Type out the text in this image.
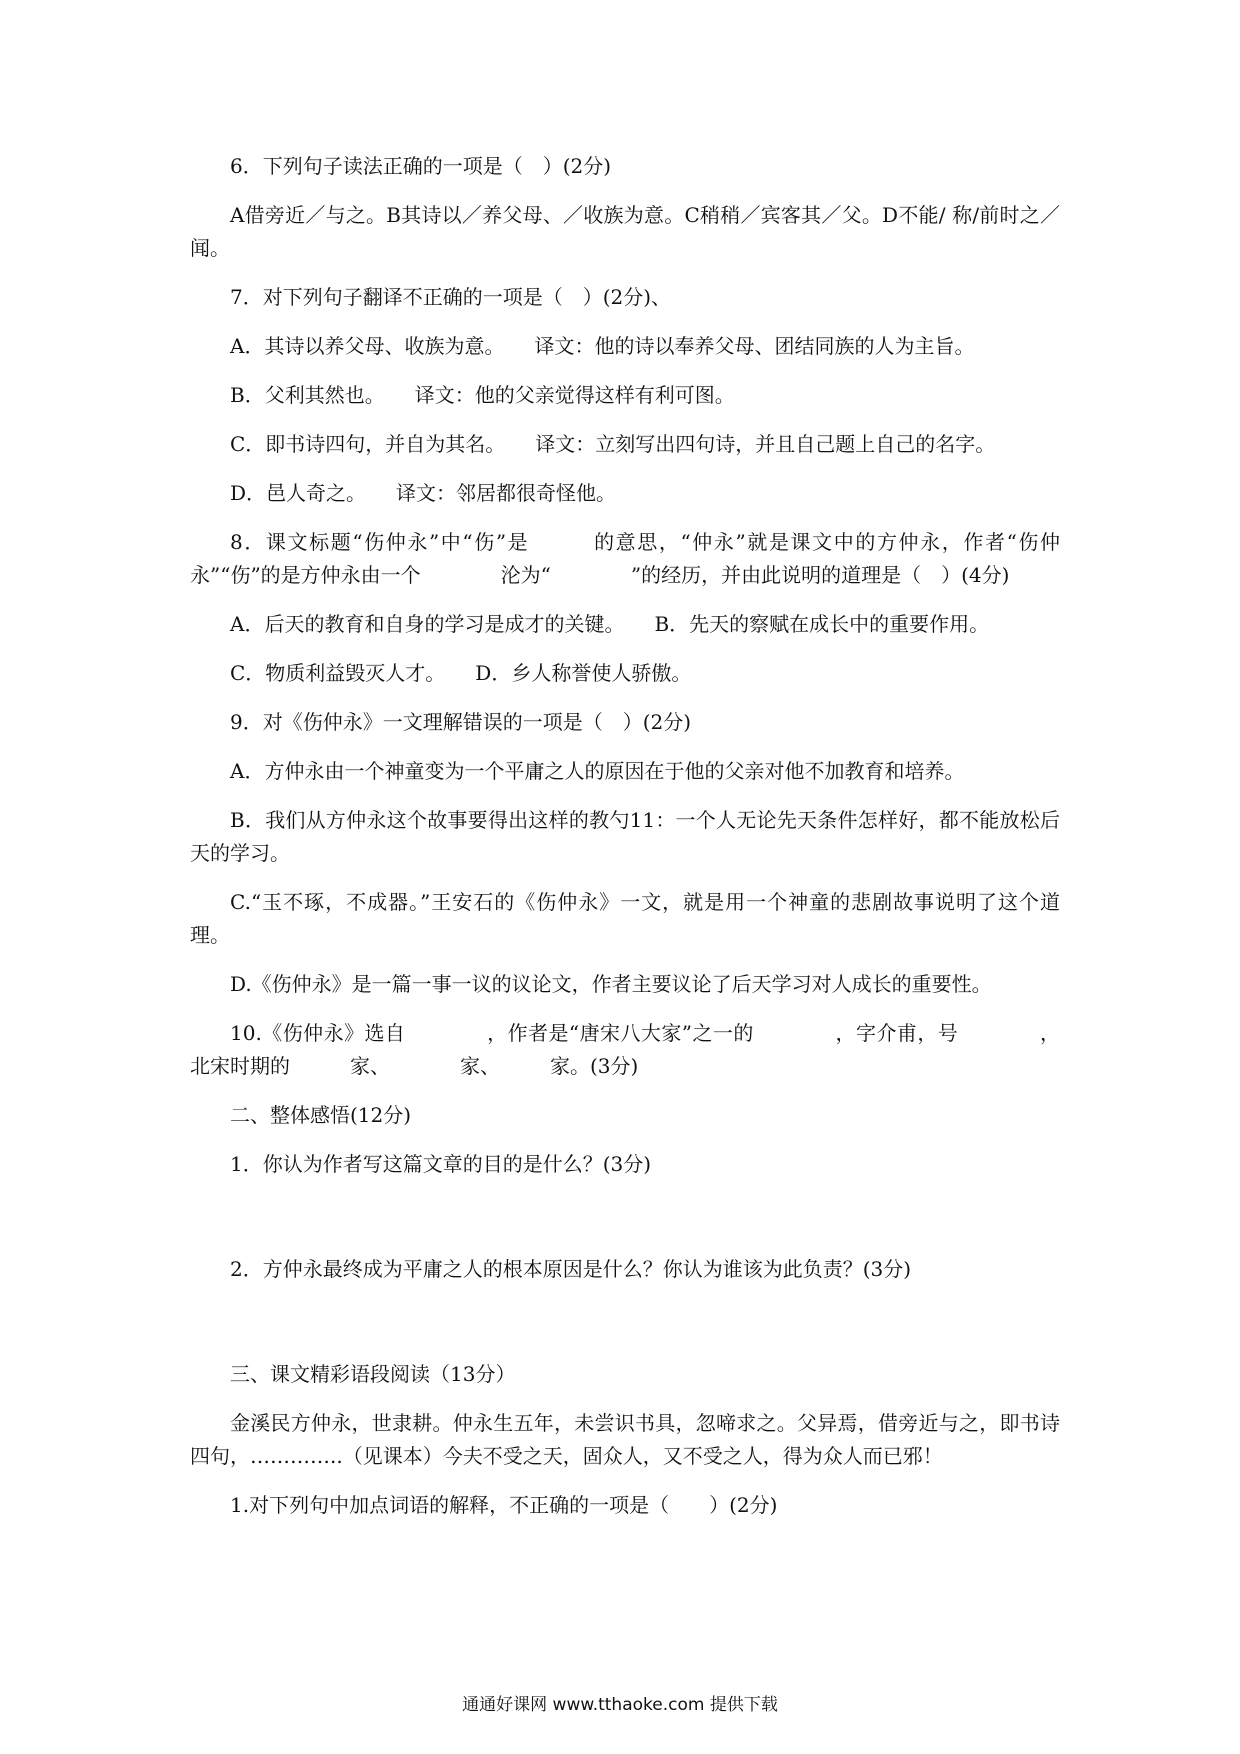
6．下列句子读法正确的一项是（　）(2分)

A借旁近／与之。B其诗以／养父母、／收族为意。C稍稍／宾客其／父。D不能/ 称/前时之／闻。

7．对下列句子翻译不正确的一项是（　）(2分)、

A．其诗以养父母、收族为意。　　译文：他的诗以奉养父母、团结同族的人为主旨。

B．父利其然也。　　译文：他的父亲觉得这样有利可图。

C．即书诗四句，并自为其名。　　译文：立刻写出四句诗，并且自己题上自己的名字。

D．邑人奇之。　　译文：邻居都很奇怪他。

8．课文标题“伤仲永”中“伤”是　　　的意思，“仲永”就是课文中的方仲永，作者“伤仲永”“伤”的是方仲永由一个　　　　沦为“　　　　”的经历，并由此说明的道理是（　）(4分)

A．后天的教育和自身的学习是成才的关键。　　B．先天的察赋在成长中的重要作用。

C．物质利益毁灭人才。　　D．乡人称誉使人骄傲。

9．对《伤仲永》一文理解错误的一项是（　）(2分)

A．方仲永由一个神童变为一个平庸之人的原因在于他的父亲对他不加教育和培养。

B．我们从方仲永这个故事要得出这样的教勺11：一个人无论先天条件怎样好，都不能放松后天的学习。

C.“玉不琢，不成器。”王安石的《伤仲永》一文，就是用一个神童的悲剧故事说明了这个道理。

D.《伤仲永》是一篇一事一议的议论文，作者主要议论了后天学习对人成长的重要性。

10.《伤仲永》选自　　　　，作者是“唐宋八大家”之一的　　　　，字介甫，号　　　　，北宋时期的　　　家、　　　　家、　　　家。(3分)

二、整体感悟(12分)

1．你认为作者写这篇文章的目的是什么？(3分)

2．方仲永最终成为平庸之人的根本原因是什么？你认为谁该为此负责？(3分)

三、课文精彩语段阅读（13分）

金溪民方仲永，世隶耕。仲永生五年，未尝识书具，忽啼求之。父异焉，借旁近与之，即书诗四句，…………..（见课本）今夫不受之天，固众人，又不受之人，得为众人而已邪！

1.对下列句中加点词语的解释，不正确的一项是（　　）(2分)

通通好课网 www.tthaoke.com 提供下载
